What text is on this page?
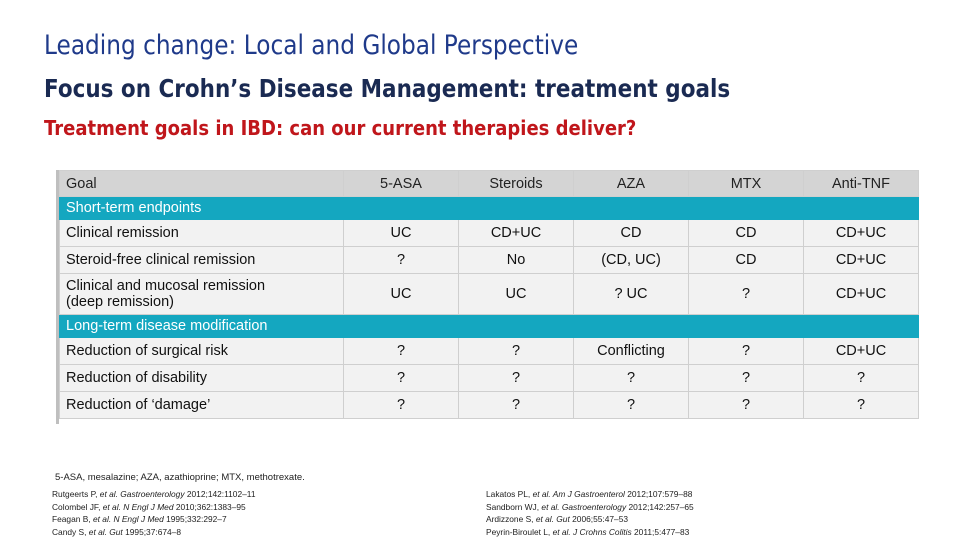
Leading change: Local and Global Perspective
Focus on Crohn’s Disease Management: treatment goals
Treatment goals in IBD: can our current therapies deliver?
Goal	5-ASA	Steroids	AZA	MTX	Anti-TNF
Short-term endpoints					
Clinical remission	UC	CD+UC	CD	CD	CD+UC
Steroid-free clinical remission	?	No	(CD, UC)	CD	CD+UC

Clinical and mucosal remission
(deep remission)	UC	UC	? UC	?	CD+UC
Long-term disease modification					
Reduction of surgical risk	?	?	Conflicting	?	CD+UC
Reduction of disability	?	?	?	?	?
Reduction of ‘damage’	?	?	?	?	?
5-ASA, mesalazine; AZA, azathioprine; MTX, methotrexate.
Rutgeerts P, et al. Gastroenterology 2012;142:1102–11
Colombel JF, et al. N Engl J Med 2010;362:1383–95
Feagan B, et al. N Engl J Med 1995;332:292–7
Candy S, et al. Gut 1995;37:674–8
Lakatos PL, et al. Am J Gastroenterol 2012;107:579–88
Sandborn WJ, et al. Gastroenterology 2012;142:257–65
Ardizzone S, et al. Gut 2006;55:47–53
Peyrin-Biroulet L, et al. J Crohns Colitis 2011;5:477–83
